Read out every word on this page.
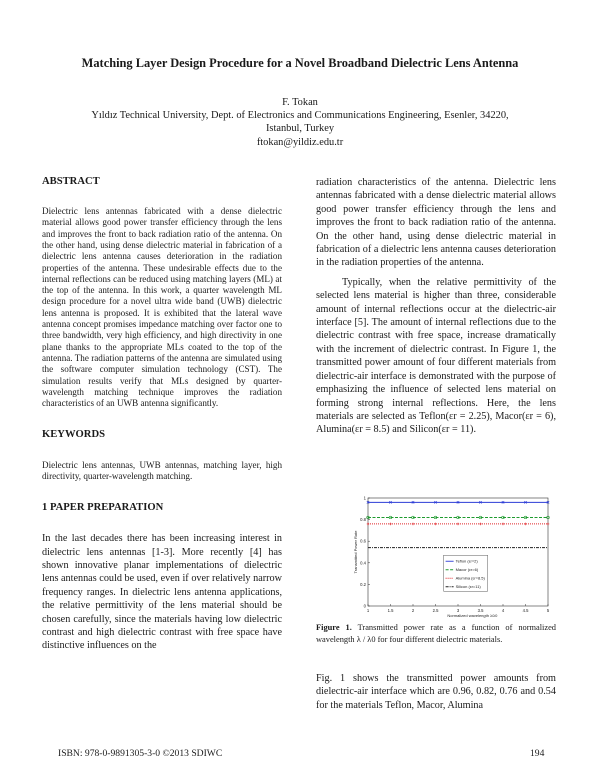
Matching Layer Design Procedure for a Novel Broadband Dielectric Lens Antenna
F. Tokan
Yıldız Technical University, Dept. of Electronics and Communications Engineering, Esenler, 34220,
Istanbul, Turkey
ftokan@yildiz.edu.tr
ABSTRACT

Dielectric lens antennas fabricated with a dense dielectric material allows good power transfer efficiency through the lens and improves the front to back radiation ratio of the antenna. On the other hand, using dense dielectric material in fabrication of a dielectric lens antenna causes deterioration in the radiation properties of the antenna. These undesirable effects due to the internal reflections can be reduced using matching layers (ML) at the top of the antenna. In this work, a quarter wavelength ML design procedure for a novel ultra wide band (UWB) dielectric lens antenna is proposed. It is exhibited that the lateral wave antenna concept promises impedance matching over factor one to three bandwidth, very high efficiency, and high directivity in one plane thanks to the appropriate MLs coated to the top of the antenna. The radiation patterns of the antenna are simulated using the software computer simulation technology (CST). The simulation results verify that MLs designed by quarter-wavelength matching technique improves the radiation characteristics of an UWB antenna significantly.

KEYWORDS

Dielectric lens antennas, UWB antennas, matching layer, high directivity, quarter-wavelength matching.

1 PAPER PREPARATION

In the last decades there has been increasing interest in dielectric lens antennas [1-3]. More recently [4] has shown innovative planar implementations of dielectric lens antennas could be used, even if over relatively narrow frequency ranges. In dielectric lens antenna applications, the relative permittivity of the lens material should be chosen carefully, since the materials having low dielectric contrast and high dielectric contrast with free space have distinctive influences on the

radiation characteristics of the antenna. Dielectric lens antennas fabricated with a dense dielectric material allows good power transfer efficiency through the lens and improves the front to back radiation ratio of the antenna. On the other hand, using dense dielectric material in fabrication of a dielectric lens antenna causes deterioration in the radiation properties of the antenna.

Typically, when the relative permittivity of the selected lens material is higher than three, considerable amount of internal reflections occur at the dielectric-air interface [5]. The amount of internal reflections due to the dielectric contrast with free space, increase dramatically with the increment of dielectric contrast. In Figure 1, the transmitted power amount of four different materials from dielectric-air interface is demonstrated with the purpose of emphasizing the influence of selected lens material on forming strong internal reflections. Here, the lens materials are selected as Teflon(εr = 2.25), Macor(εr = 6), Alumina(εr = 8.5) and Silicon(εr = 11).

1	1.5	2	2.5	3	3.5	4	4.5	5
0
0.2
0.4
0.6
0.8
1
Normalized wavelength λ/λ0
Transmitted Power Rate	Teflon (εr=2)
Macor (εr=6)
Alumina (εr=8.5)
Silicon (εr=11)
Figure 1. Transmitted power rate as a function of normalized wavelength λ / λ0 for four different dielectric materials.

Fig. 1 shows the transmitted power amounts from dielectric-air interface which are 0.96, 0.82, 0.76 and 0.54 for the materials Teflon, Macor, Alumina

ISBN: 978-0-9891305-3-0 ©2013 SDIWC	194
